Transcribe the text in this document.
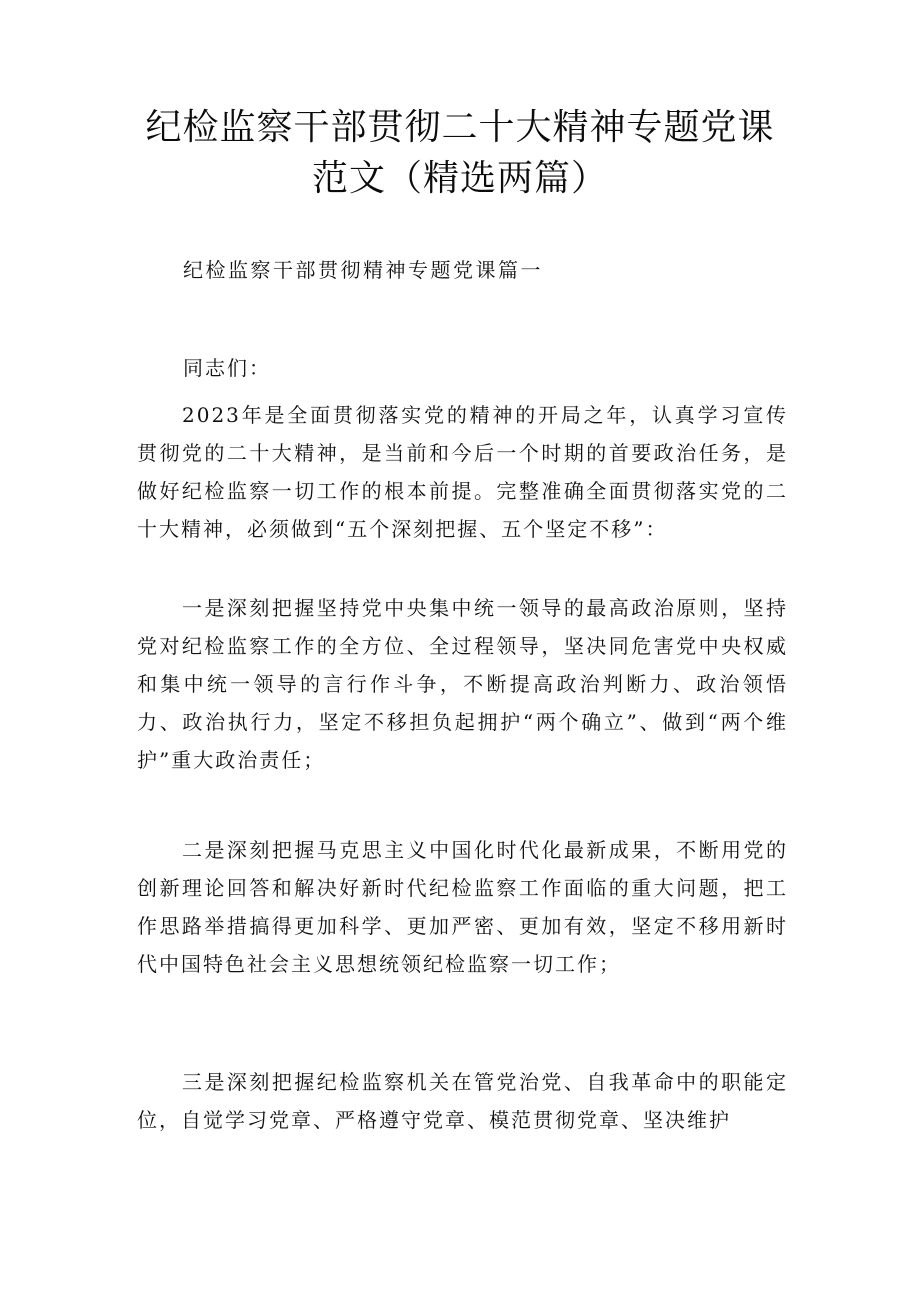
纪检监察干部贯彻二十大精神专题党课
范文（精选两篇）
纪检监察干部贯彻精神专题党课篇一
同志们：

2023年是全面贯彻落实党的精神的开局之年，认真学习宣传贯彻党的二十大精神，是当前和今后一个时期的首要政治任务，是做好纪检监察一切工作的根本前提。完整准确全面贯彻落实党的二十大精神，必须做到“五个深刻把握、五个坚定不移”：

一是深刻把握坚持党中央集中统一领导的最高政治原则，坚持党对纪检监察工作的全方位、全过程领导，坚决同危害党中央权威和集中统一领导的言行作斗争，不断提高政治判断力、政治领悟力、政治执行力，坚定不移担负起拥护“两个确立”、做到“两个维护”重大政治责任；

二是深刻把握马克思主义中国化时代化最新成果，不断用党的创新理论回答和解决好新时代纪检监察工作面临的重大问题，把工作思路举措搞得更加科学、更加严密、更加有效，坚定不移用新时代中国特色社会主义思想统领纪检监察一切工作；

三是深刻把握纪检监察机关在管党治党、自我革命中的职能定位，自觉学习党章、严格遵守党章、模范贯彻党章、坚决维护
